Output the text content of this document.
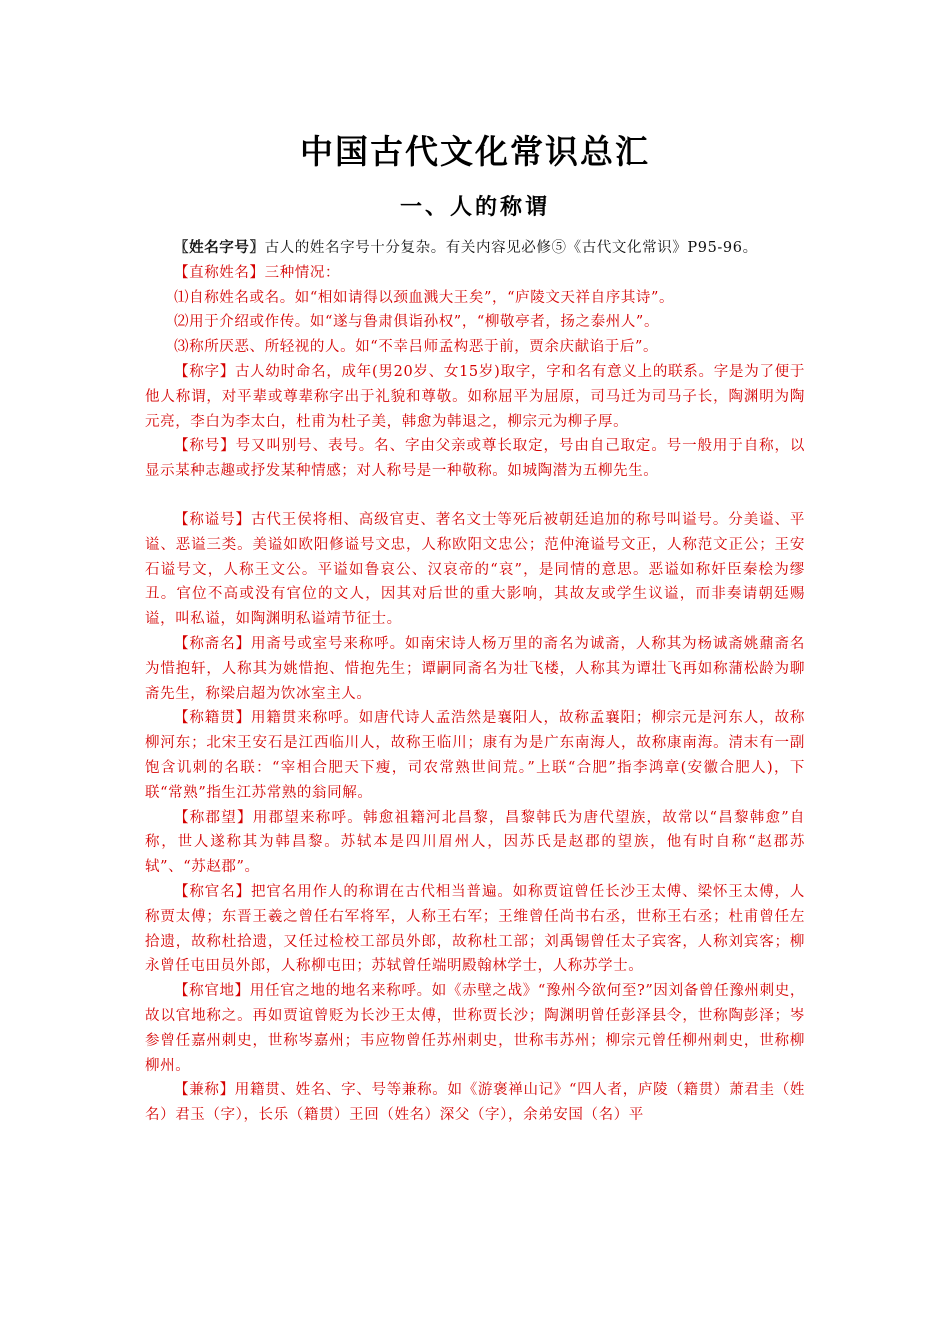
中国古代文化常识总汇
一、人的称谓

〖姓名字号〗古人的姓名字号十分复杂。有关内容见必修⑤《古代文化常识》P95-96。

【直称姓名】三种情况：

⑴自称姓名或名。如“相如请得以颈血溅大王矣”，“庐陵文天祥自序其诗”。

⑵用于介绍或作传。如“遂与鲁肃俱诣孙权”，“柳敬亭者，扬之泰州人”。

⑶称所厌恶、所轻视的人。如“不幸吕师孟构恶于前，贾余庆献谄于后”。

【称字】古人幼时命名，成年(男20岁、女15岁)取字，字和名有意义上的联系。字是为了便于他人称谓，对平辈或尊辈称字出于礼貌和尊敬。如称屈平为屈原，司马迁为司马子长，陶渊明为陶元亮，李白为李太白，杜甫为杜子美，韩愈为韩退之，柳宗元为柳子厚。

【称号】号又叫别号、表号。名、字由父亲或尊长取定，号由自己取定。号一般用于自称，以显示某种志趣或抒发某种情感；对人称号是一种敬称。如城陶潜为五柳先生。

【称谥号】古代王侯将相、高级官吏、著名文士等死后被朝廷追加的称号叫谥号。分美谥、平谥、恶谥三类。美谥如欧阳修谥号文忠，人称欧阳文忠公；范仲淹谥号文正，人称范文正公；王安石谥号文，人称王文公。平谥如鲁哀公、汉哀帝的“哀”，是同情的意思。恶谥如称奸臣秦桧为缪丑。官位不高或没有官位的文人，因其对后世的重大影响，其故友或学生议谥，而非奏请朝廷赐谥，叫私谥，如陶渊明私谥靖节征士。

【称斋名】用斋号或室号来称呼。如南宋诗人杨万里的斋名为诚斋，人称其为杨诚斋姚鼐斋名为惜抱轩，人称其为姚惜抱、惜抱先生；谭嗣同斋名为壮飞楼，人称其为谭壮飞再如称蒲松龄为聊斋先生，称梁启超为饮冰室主人。

【称籍贯】用籍贯来称呼。如唐代诗人孟浩然是襄阳人，故称孟襄阳；柳宗元是河东人，故称柳河东；北宋王安石是江西临川人，故称王临川；康有为是广东南海人，故称康南海。清末有一副饱含讥刺的名联：“宰相合肥天下瘦，司农常熟世间荒。”上联“合肥”指李鸿章(安徽合肥人)，下联“常熟”指生江苏常熟的翁同解。

【称郡望】用郡望来称呼。韩愈祖籍河北昌黎，昌黎韩氏为唐代望族，故常以“昌黎韩愈”自称，世人遂称其为韩昌黎。苏轼本是四川眉州人，因苏氏是赵郡的望族，他有时自称“赵郡苏轼”、“苏赵郡”。

【称官名】把官名用作人的称谓在古代相当普遍。如称贾谊曾任长沙王太傅、梁怀王太傅，人称贾太傅；东晋王羲之曾任右军将军，人称王右军；王维曾任尚书右丞，世称王右丞；杜甫曾任左拾遗，故称杜拾遗，又任过检校工部员外郎，故称杜工部；刘禹锡曾任太子宾客，人称刘宾客；柳永曾任屯田员外郎，人称柳屯田；苏轼曾任端明殿翰林学士，人称苏学士。

【称官地】用任官之地的地名来称呼。如《赤壁之战》“豫州今欲何至?”因刘备曾任豫州刺史，故以官地称之。再如贾谊曾贬为长沙王太傅，世称贾长沙；陶渊明曾任彭泽县令，世称陶彭泽；岑参曾任嘉州刺史，世称岑嘉州；韦应物曾任苏州刺史，世称韦苏州；柳宗元曾任柳州刺史，世称柳柳州。

【兼称】用籍贯、姓名、字、号等兼称。如《游褒禅山记》“四人者，庐陵（籍贯）萧君圭（姓名）君玉（字），长乐（籍贯）王回（姓名）深父（字），余弟安国（名）平
